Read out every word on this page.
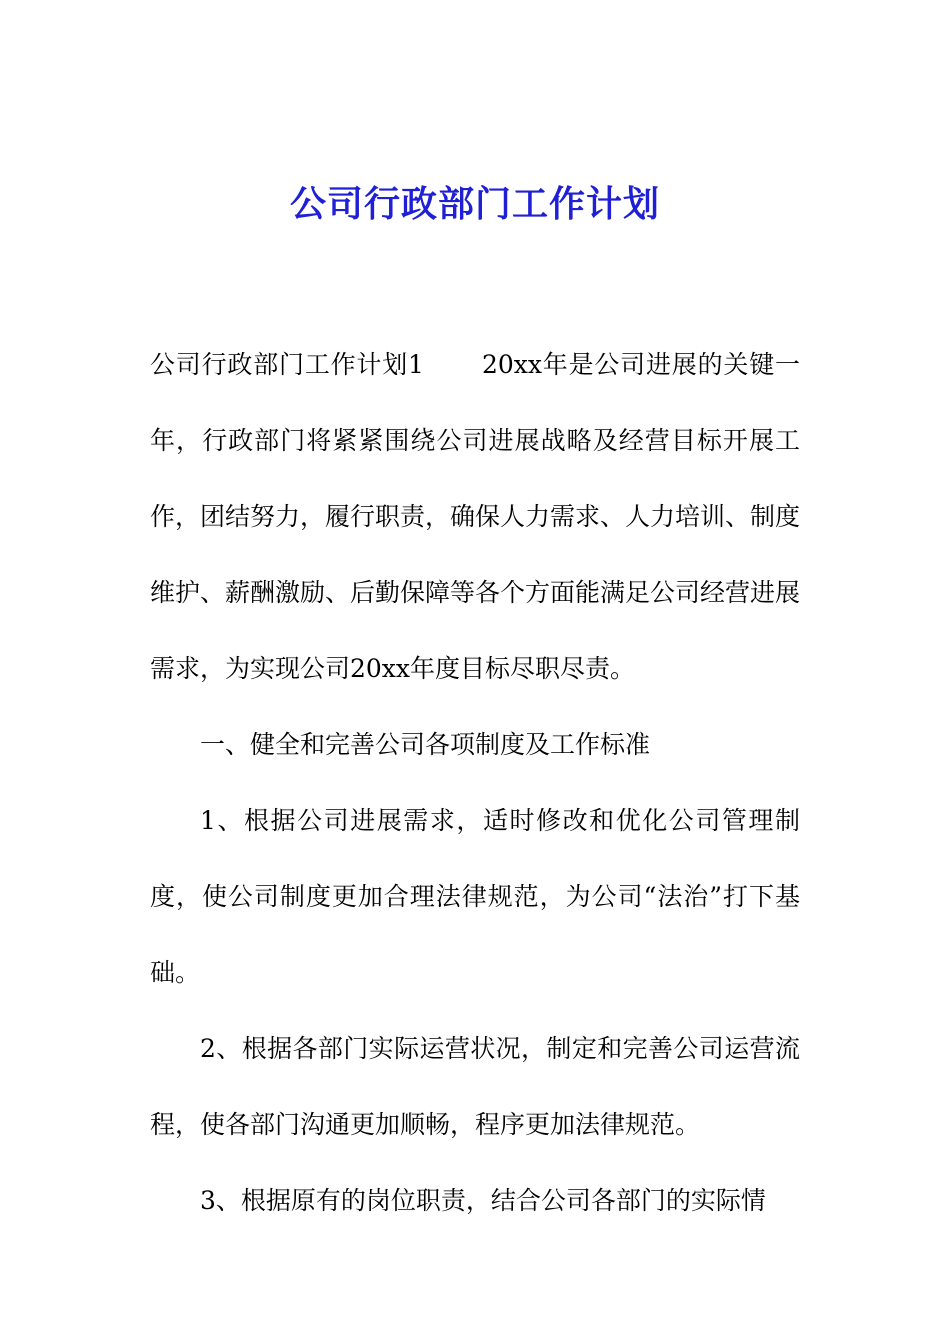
公司行政部门工作计划

公司行政部门工作计划1 20xx年是公司进展的关键一年，行政部门将紧紧围绕公司进展战略及经营目标开展工作，团结努力，履行职责，确保人力需求、人力培训、制度维护、薪酬激励、后勤保障等各个方面能满足公司经营进展需求，为实现公司20xx年度目标尽职尽责。

一、健全和完善公司各项制度及工作标准

1、根据公司进展需求，适时修改和优化公司管理制度，使公司制度更加合理法律规范，为公司“法治”打下基础。

2、根据各部门实际运营状况，制定和完善公司运营流程，使各部门沟通更加顺畅，程序更加法律规范。

3、根据原有的岗位职责，结合公司各部门的实际情
